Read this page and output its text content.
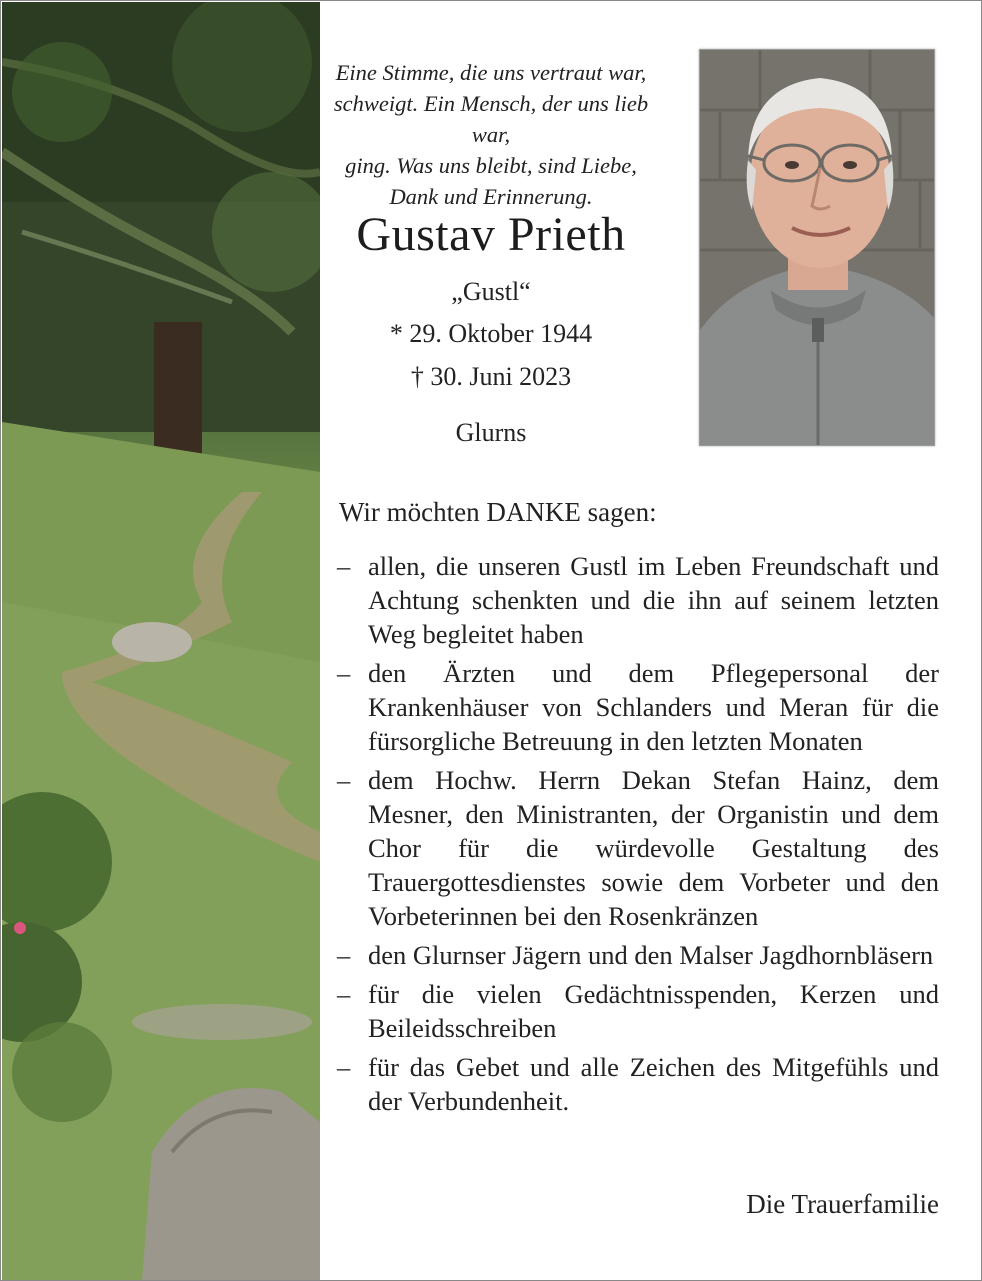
Eine Stimme, die uns vertraut war,
schweigt. Ein Mensch, der uns lieb war,
ging. Was uns bleibt, sind Liebe,
Dank und Erinnerung.
Gustav Prieth
„Gustl“
* 29. Oktober 1944
† 30. Juni 2023
Glurns
Wir möchten DANKE sagen:
– allen, die unseren Gustl im Leben Freundschaft und Achtung schenkten und die ihn auf seinem letzten Weg begleitet haben
– den Ärzten und dem Pflegepersonal der Krankenhäuser von Schlanders und Meran für die fürsorgliche Betreuung in den letzten Monaten
– dem Hochw. Herrn Dekan Stefan Hainz, dem Mesner, den Ministranten, der Organistin und dem Chor für die würdevolle Gestaltung des Trauergottesdienstes sowie dem Vorbeter und den Vorbeterinnen bei den Rosenkränzen
– den Glurnser Jägern und den Malser Jagdhornbläsern
– für die vielen Gedächtnisspenden, Kerzen und Beileidsschreiben
– für das Gebet und alle Zeichen des Mitgefühls und der Verbundenheit.
Die Trauerfamilie
